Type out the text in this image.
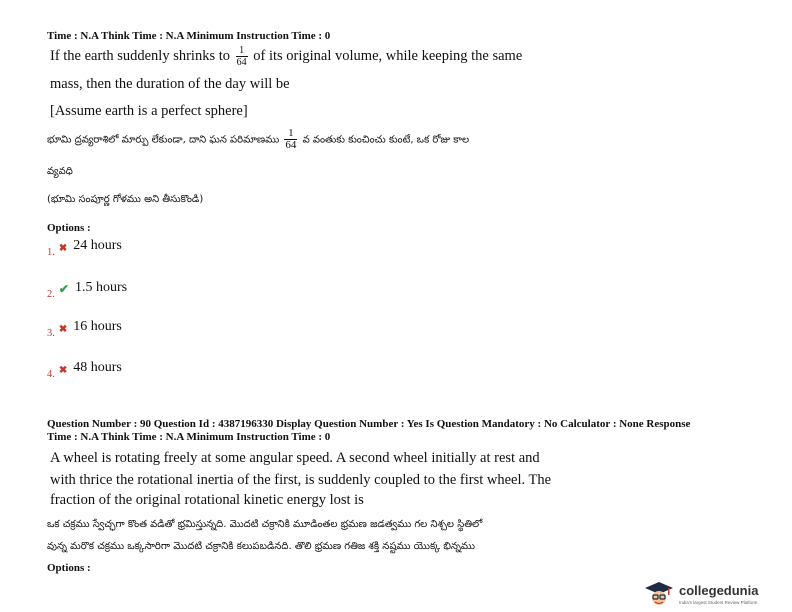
Time : N.A Think Time : N.A Minimum Instruction Time : 0
If the earth suddenly shrinks to $\frac{1}{64}$ of its original volume, while keeping the same
mass, then the duration of the day will be
[Assume earth is a perfect sphere]
భూమి ద్రవ్యరాశిలో మార్పు లేకుండా, దాని ఘన పరిమాణము $\frac{1}{64}$ వ వంతుకు కుంచించు కుంటే, ఒక రోజు కాల
వ్యవధి
(భూమి సంపూర్ణ గోళము అని తీసుకొండి)
Options :
$_{1.}$ ✖ 24 hours
$_{2.}$ ✔ 1.5 hours
$_{3.}$ ✖ 16 hours
$_{4.}$ ✖ 48 hours
Question Number : 90 Question Id : 4387196330 Display Question Number : Yes Is Question Mandatory : No Calculator : None Response
Time : N.A Think Time : N.A Minimum Instruction Time : 0
A wheel is rotating freely at some angular speed. A second wheel initially at rest and
with thrice the rotational inertia of the first, is suddenly coupled to the first wheel. The
fraction of the original rotational kinetic energy lost is
ఒక చక్రము స్వేచ్ఛగా కొంత వడితో భ్రమిస్తున్నది. మొదటి చక్రానికి మూడింతల భ్రమణ జడత్వము గల నిశ్చల స్థితిలో
వున్న మరొక చక్రము ఒక్కసారిగా మొదటి చక్రానికి కలుపబడినది. తొలి భ్రమణ గతిజ శక్తి నష్టము యొక్క భిన్నము
Options :
collegedunia
India's largest Student Review Platform
